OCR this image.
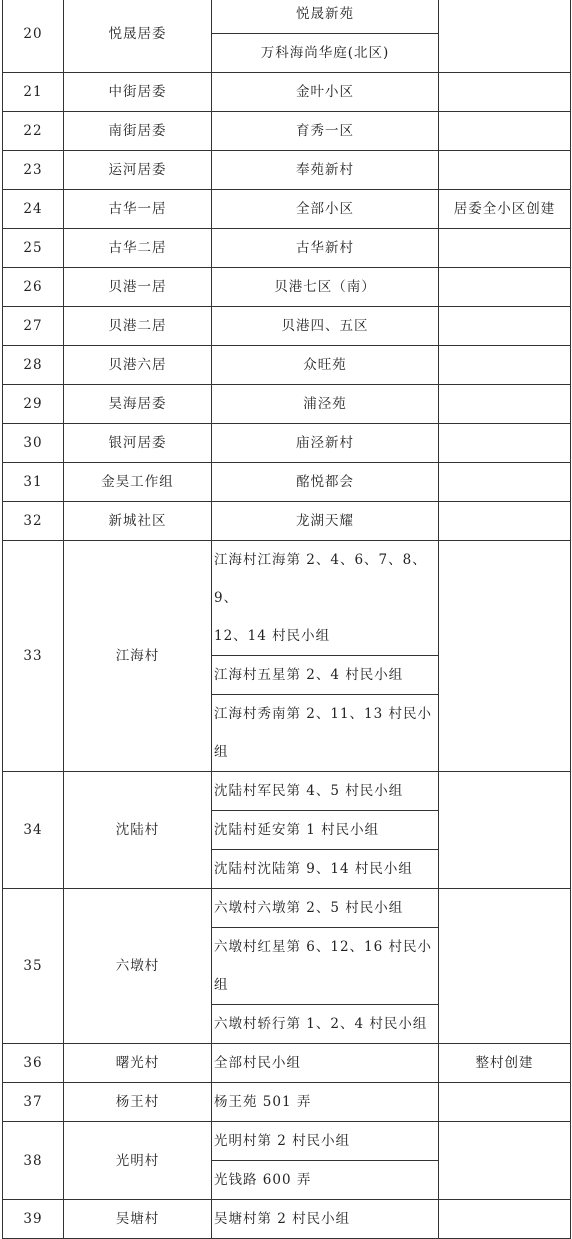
20	悦晟居委	悦晟新苑	
		万科海尚华庭(北区)	
21	中街居委	金叶小区	
22	南街居委	育秀一区	
23	运河居委	奉苑新村	
24	古华一居	全部小区	居委全小区创建
25	古华二居	古华新村	
26	贝港一居	贝港七区（南）	
27	贝港二居	贝港四、五区	
28	贝港六居	众旺苑	
29	昊海居委	浦泾苑	
30	银河居委	庙泾新村	
31	金昊工作组	酩悦都会	
32	新城社区	龙湖天耀	
33	江海村	江海村江海第 2、4、6、7、8、9、
12、14 村民小组	

		江海村五星第 2、4 村民小组	

		江海村秀南第 2、11、13 村民小
组	

34	沈陆村	沈陆村军民第 4、5 村民小组	
		沈陆村延安第 1 村民小组	
		沈陆村沈陆第 9、14 村民小组	
35	六墩村	六墩村六墩第 2、5 村民小组	

		六墩村红星第 6、12、16 村民小
组	

		六墩村轿行第 1、2、4 村民小组	
36	曙光村	全部村民小组	整村创建
37	杨王村	杨王苑 501 弄	
38	光明村	光明村第 2 村民小组	
		光钱路 600 弄	
39	吴塘村	吴塘村第 2 村民小组	
